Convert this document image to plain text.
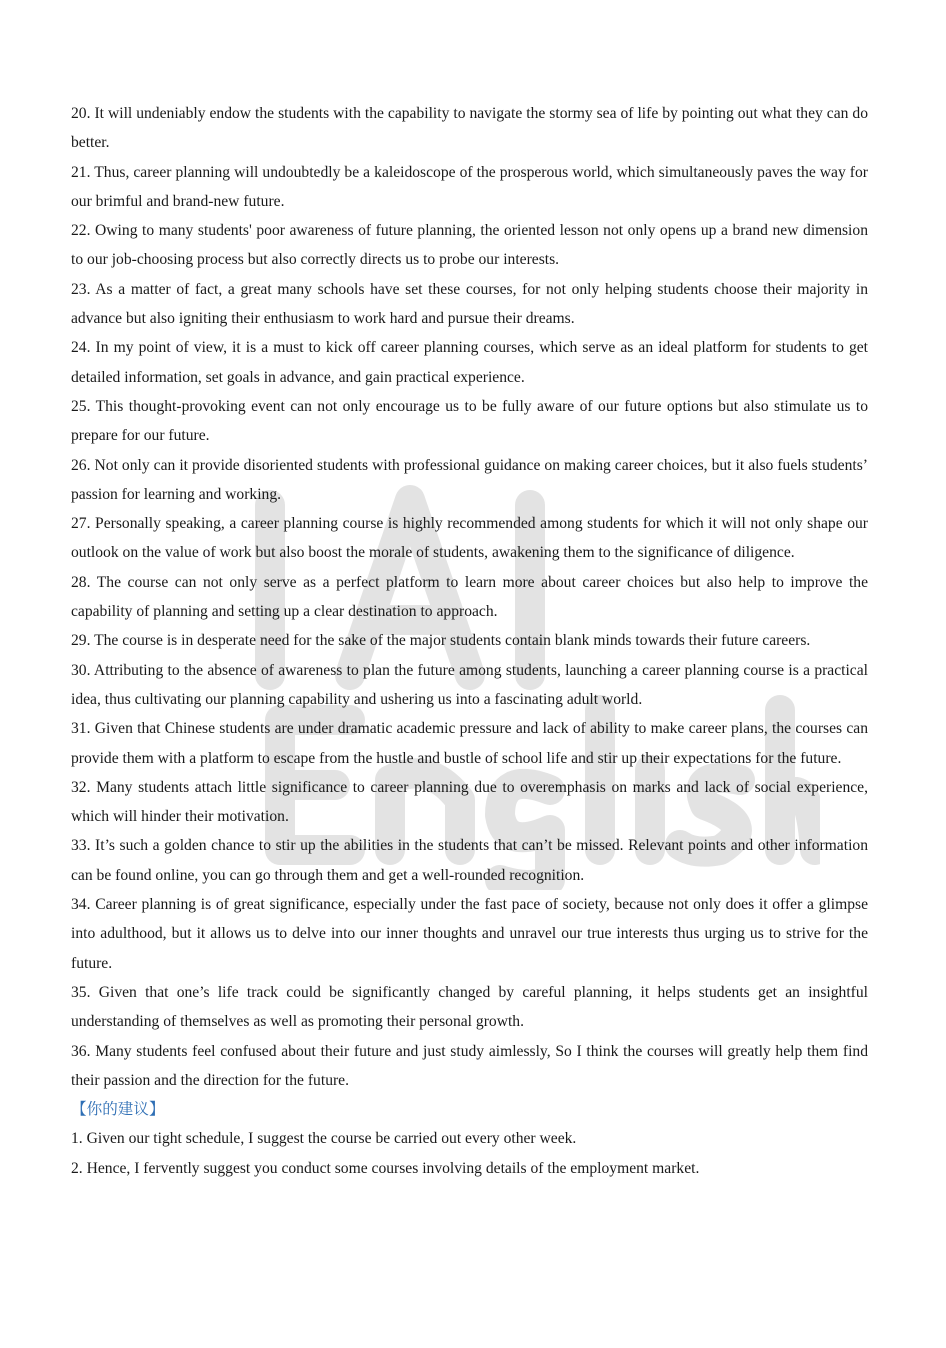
20. It will undeniably endow the students with the capability to navigate the stormy sea of life by pointing out what they can do better.

21. Thus, career planning will undoubtedly be a kaleidoscope of the prosperous world, which simultaneously paves the way for our brimful and brand-new future.

22. Owing to many students' poor awareness of future planning, the oriented lesson not only opens up a brand new dimension to our job-choosing process but also correctly directs us to probe our interests.

23. As a matter of fact, a great many schools have set these courses, for not only helping students choose their majority in advance but also igniting their enthusiasm to work hard and pursue their dreams.

24. In my point of view, it is a must to kick off career planning courses, which serve as an ideal platform for students to get detailed information, set goals in advance, and gain practical experience.

25. This thought-provoking event can not only encourage us to be fully aware of our future options but also stimulate us to prepare for our future.

26. Not only can it provide disoriented students with professional guidance on making career choices, but it also fuels students’ passion for learning and working.

27. Personally speaking, a career planning course is highly recommended among students for which it will not only shape our outlook on the value of work but also boost the morale of students, awakening them to the significance of diligence.

28. The course can not only serve as a perfect platform to learn more about career choices but also help to improve the capability of planning and setting up a clear destination to approach.

29. The course is in desperate need for the sake of the major students contain blank minds towards their future careers.

30. Attributing to the absence of awareness to plan the future among students, launching a career planning course is a practical idea, thus cultivating our planning capability and ushering us into a fascinating adult world.

31. Given that Chinese students are under dramatic academic pressure and lack of ability to make career plans, the courses can provide them with a platform to escape from the hustle and bustle of school life and stir up their expectations for the future.

32. Many students attach little significance to career planning due to overemphasis on marks and lack of social experience, which will hinder their motivation.

33. It’s such a golden chance to stir up the abilities in the students that can’t be missed. Relevant points and other information can be found online, you can go through them and get a well-rounded recognition.

34. Career planning is of great significance, especially under the fast pace of society, because not only does it offer a glimpse into adulthood, but it allows us to delve into our inner thoughts and unravel our true interests thus urging us to strive for the future.

35. Given that one’s life track could be significantly changed by careful planning, it helps students get an insightful understanding of themselves as well as promoting their personal growth.

36. Many students feel confused about their future and just study aimlessly, So I think the courses will greatly help them find their passion and the direction for the future.

【你的建议】

1. Given our tight schedule, I suggest the course be carried out every other week.

2. Hence, I fervently suggest you conduct some courses involving details of the employment market.
